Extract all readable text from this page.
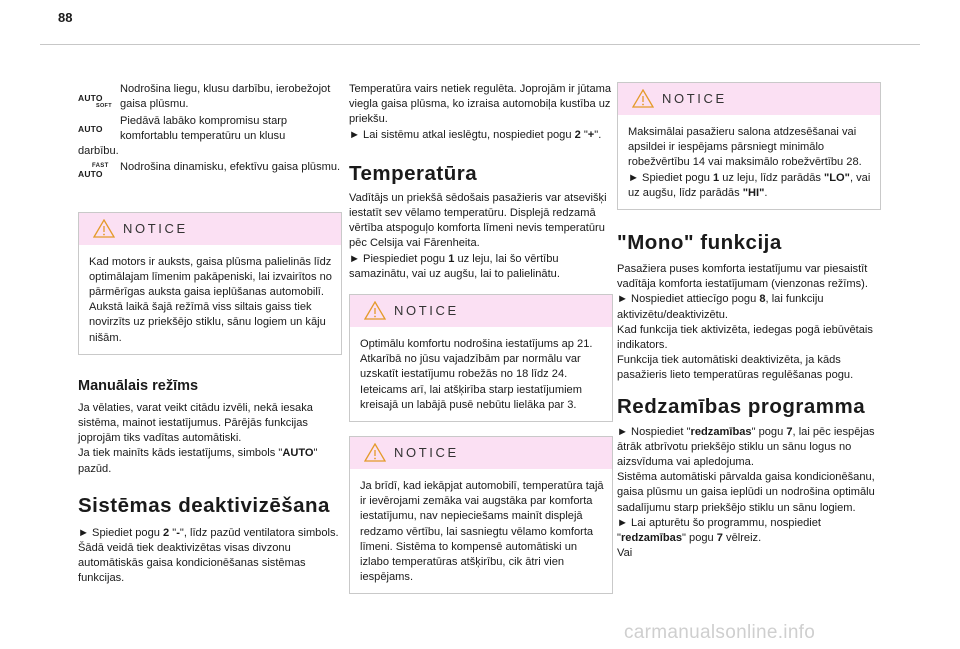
88
AUTO
SOFT

Nodrošina liegu, klusu darbību, ierobežojot gaisa plūsmu.

AUTO

Piedāvā labāko kompromisu starp komfortablu temperatūru un klusu

darbību.

FAST
AUTO

Nodrošina dinamisku, efektīvu gaisa plūsmu.

NOTICE

Kad motors ir auksts, gaisa plūsma palielinās līdz optimālajam līmenim pakāpeniski, lai izvairītos no pārmērīgas auksta gaisa ieplūšanas automobilī.

Aukstā laikā šajā režīmā viss siltais gaiss tiek novirzīts uz priekšējo stiklu, sānu logiem un kāju nišām.

Manuālais režīms

Ja vēlaties, varat veikt citādu izvēli, nekā iesaka sistēma, mainot iestatījumus. Pārējās funkcijas joprojām tiks vadītas automātiski.

Ja tiek mainīts kāds iestatījums, simbols "AUTO" pazūd.

Sistēmas deaktivizēšana

► Spiediet pogu 2 "-", līdz pazūd ventilatora simbols.

Šādā veidā tiek deaktivizētas visas divzonu automātiskās gaisa kondicionēšanas sistēmas funkcijas.

Temperatūra vairs netiek regulēta. Joprojām ir jūtama viegla gaisa plūsma, ko izraisa automobiļa kustība uz priekšu.

► Lai sistēmu atkal ieslēgtu, nospiediet pogu 2 "+".

Temperatūra

Vadītājs un priekšā sēdošais pasažieris var atsevišķi iestatīt sev vēlamo temperatūru. Displejā redzamā vērtība atspoguļo komforta līmeni nevis temperatūru pēc Celsija vai Fārenheita.

► Piespiediet pogu 1 uz leju, lai šo vērtību samazinātu, vai uz augšu, lai to palielinātu.

NOTICE

Optimālu komfortu nodrošina iestatījums ap 21. Atkarībā no jūsu vajadzībām par normālu var uzskatīt iestatījumu robežās no 18 līdz 24. Ieteicams arī, lai atšķirība starp iestatījumiem kreisajā un labājā pusē nebūtu lielāka par 3.

NOTICE

Ja brīdī, kad iekāpjat automobilī, temperatūra tajā ir ievērojami zemāka vai augstāka par komforta iestatījumu, nav nepieciešams mainīt displejā redzamo vērtību, lai sasniegtu vēlamo komforta līmeni. Sistēma to kompensē automātiski un izlabo temperatūras atšķirību, cik ātri vien iespējams.

NOTICE

Maksimālai pasažieru salona atdzesēšanai vai apsildei ir iespējams pārsniegt minimālo robežvērtību 14 vai maksimālo robežvērtību 28.

► Spiediet pogu 1 uz leju, līdz parādās "LO", vai uz augšu, līdz parādās "HI".

"Mono" funkcija

Pasažiera puses komforta iestatījumu var piesaistīt vadītāja komforta iestatījumam (vienzonas režīms).

► Nospiediet attiecīgo pogu 8, lai funkciju aktivizētu/deaktivizētu.

Kad funkcija tiek aktivizēta, iedegas pogā iebūvētais indikators.

Funkcija tiek automātiski deaktivizēta, ja kāds pasažieris lieto temperatūras regulēšanas pogu.

Redzamības programma

► Nospiediet "redzamības" pogu 7, lai pēc iespējas ātrāk atbrīvotu priekšējo stiklu un sānu logus no aizsvīduma vai apledojuma.

Sistēma automātiski pārvalda gaisa kondicionēšanu, gaisa plūsmu un gaisa ieplūdi un nodrošina optimālu sadalījumu starp priekšējo stiklu un sānu logiem.

► Lai apturētu šo programmu, nospiediet "redzamības" pogu 7 vēlreiz.

Vai

carmanualsonline.info
